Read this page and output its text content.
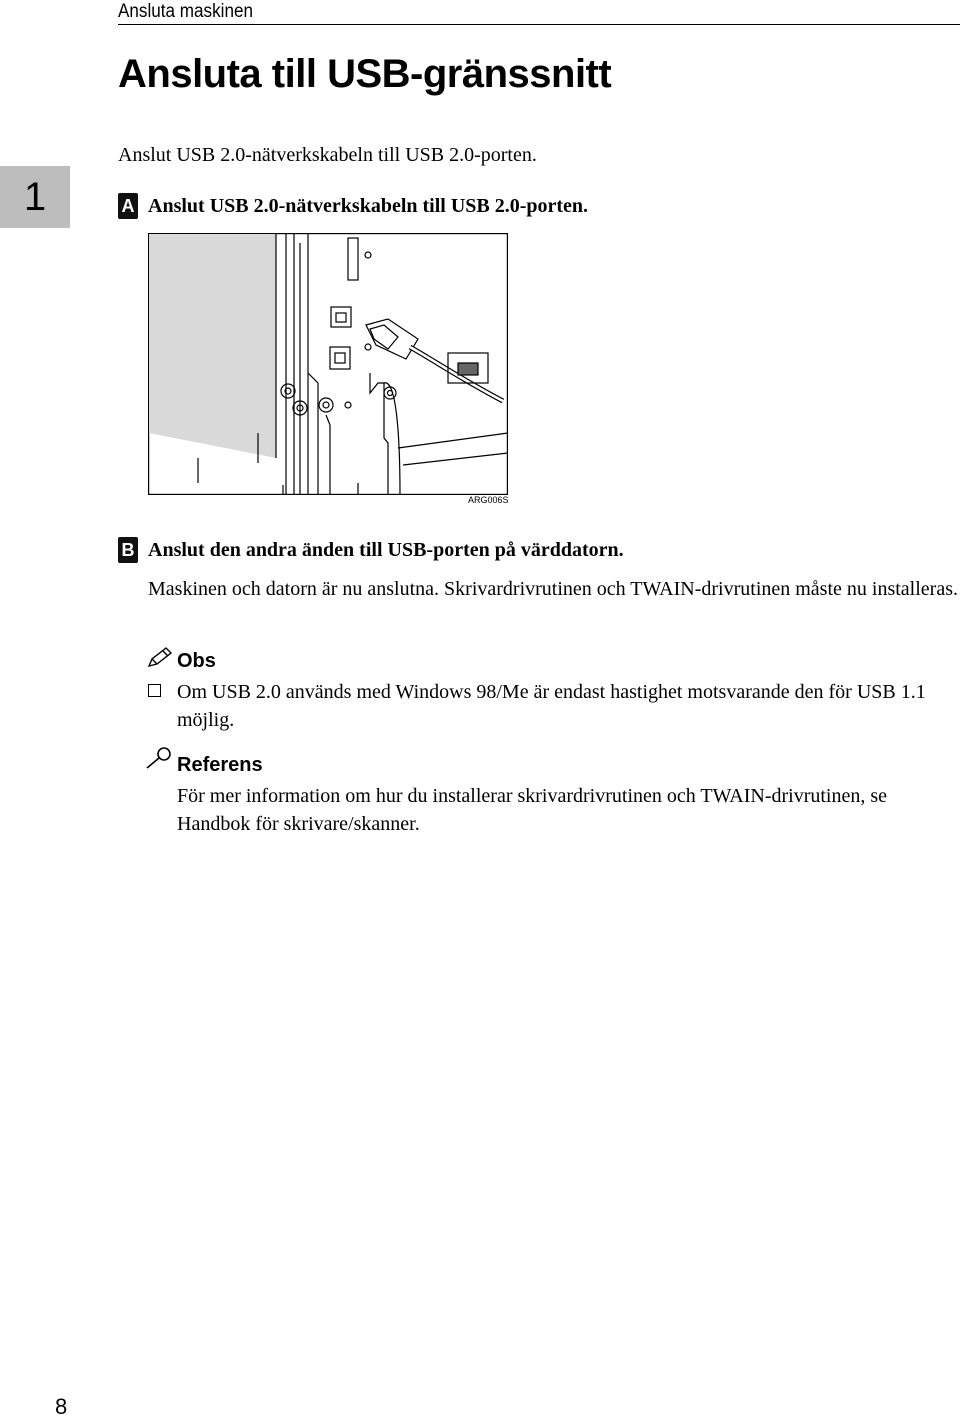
Ansluta maskinen
Ansluta till USB-gränssnitt
Anslut USB 2.0-nätverkskabeln till USB 2.0-porten.
1	A Anslut USB 2.0-nätverkskabeln till USB 2.0-porten.
ARG006S
B Anslut den andra änden till USB-porten på värddatorn.

Maskinen och datorn är nu anslutna. Skrivardrivrutinen och TWAIN-drivrutinen måste nu installeras.

Obs

Om USB 2.0 används med Windows 98/Me är endast hastighet motsvarande den för USB 1.1 möjlig.

Referens

För mer information om hur du installerar skrivardrivrutinen och TWAIN-drivrutinen, se Handbok för skrivare/skanner.

8
